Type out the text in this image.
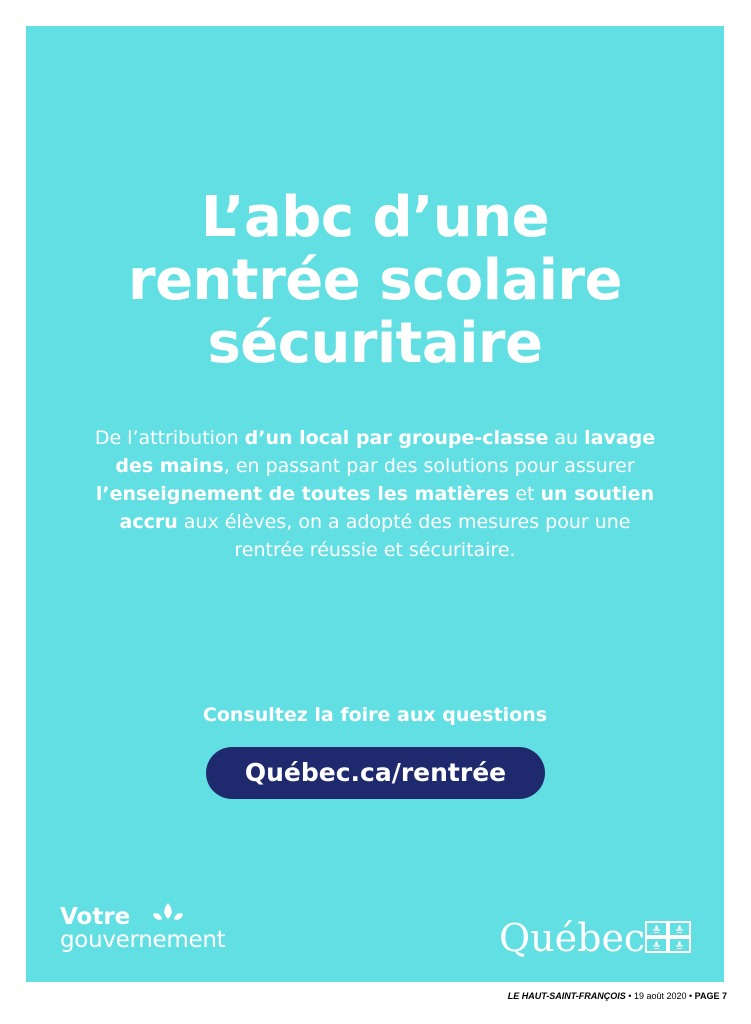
L’abc d’une
rentrée scolaire
sécuritaire
De l’attribution d’un local par groupe-classe au lavage des mains, en passant par des solutions pour assurer l’enseignement de toutes les matières et un soutien accru aux élèves, on a adopté des mesures pour une rentrée réussie et sécuritaire.
Consultez la foire aux questions
Québec.ca/rentrée
Votre
gouvernement	Québec
LE HAUT-SAINT-FRANÇOIS • 19 août 2020 • PAGE 7
